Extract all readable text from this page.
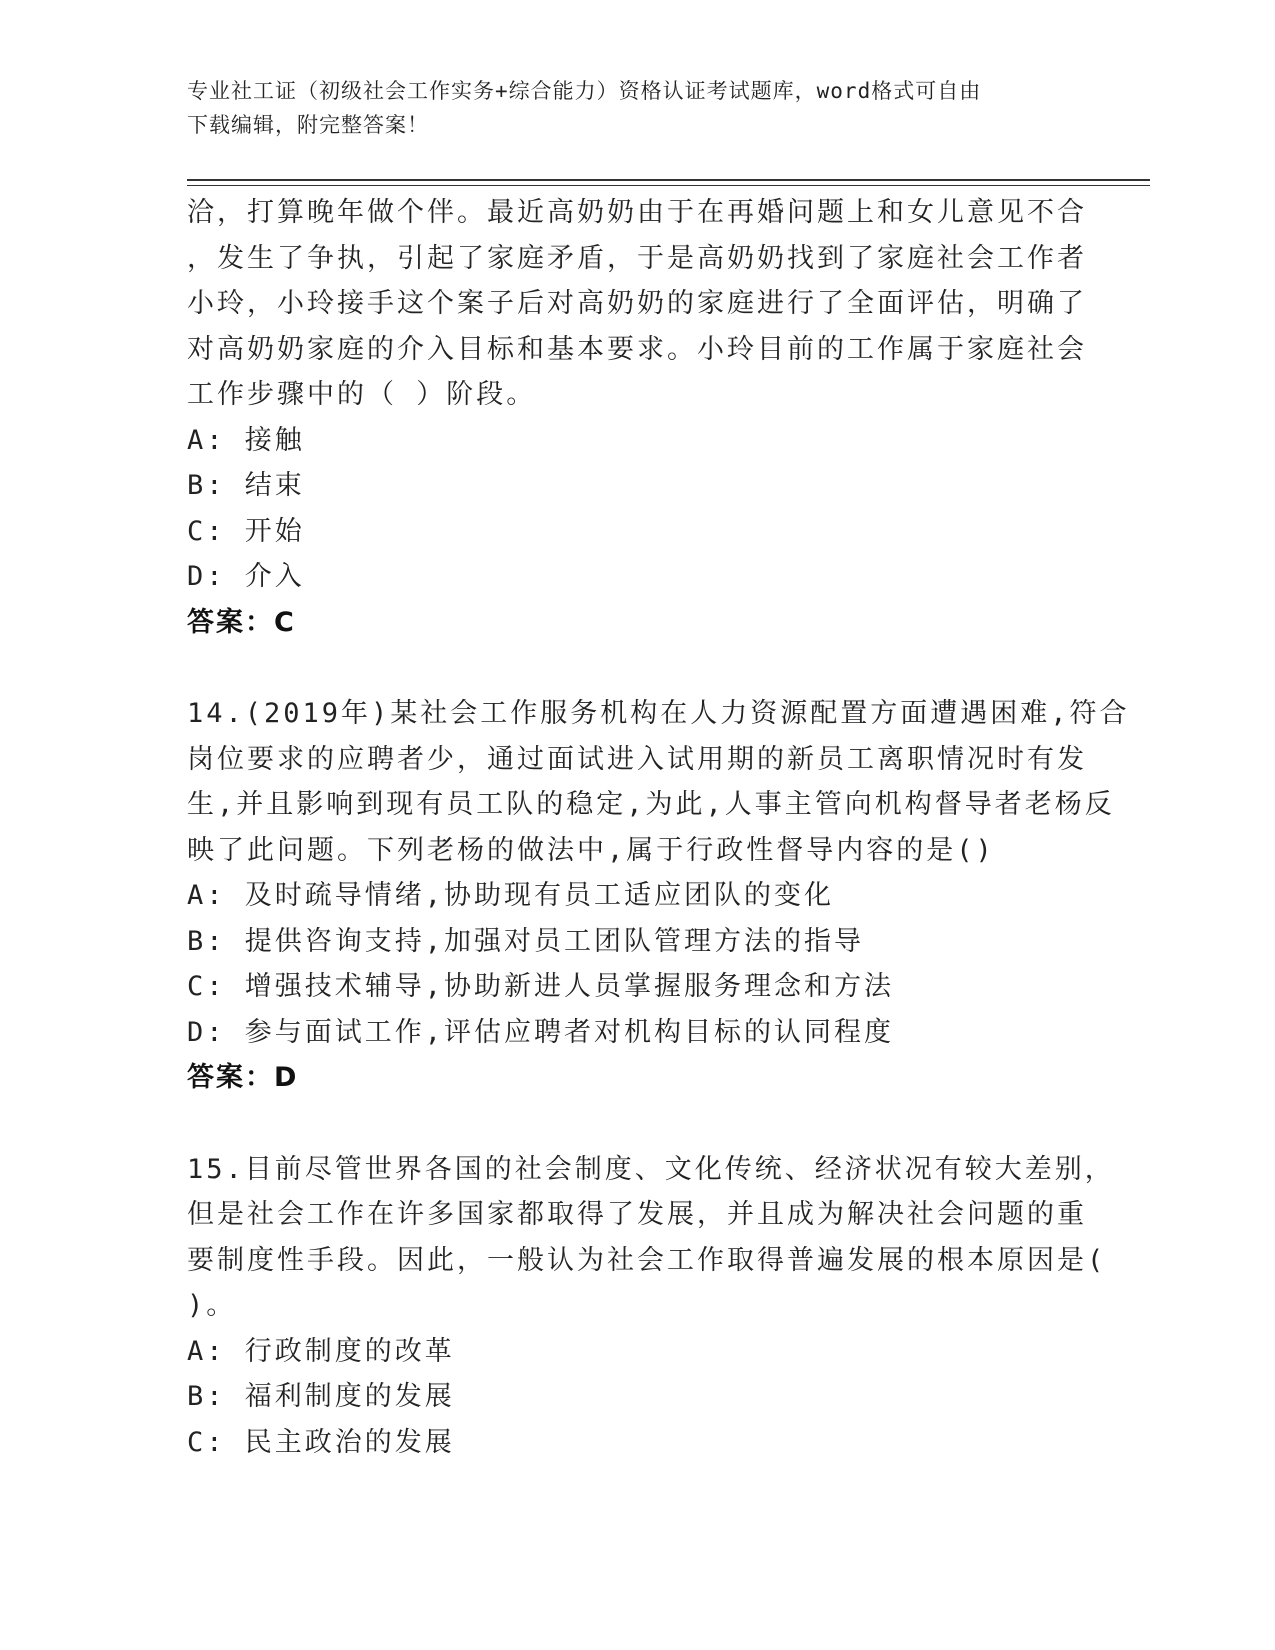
专业社工证（初级社会工作实务+综合能力）资格认证考试题库，word格式可自由
下载编辑，附完整答案！
洽，打算晚年做个伴。最近高奶奶由于在再婚问题上和女儿意见不合
，发生了争执，引起了家庭矛盾，于是高奶奶找到了家庭社会工作者
小玲，小玲接手这个案子后对高奶奶的家庭进行了全面评估，明确了
对高奶奶家庭的介入目标和基本要求。小玲目前的工作属于家庭社会
工作步骤中的（ ）阶段。
A: 接触
B: 结束
C: 开始
D: 介入
答案：C
14.(2019年)某社会工作服务机构在人力资源配置方面遭遇困难,符合
岗位要求的应聘者少，通过面试进入试用期的新员工离职情况时有发
生,并且影响到现有员工队的稳定,为此,人事主管向机构督导者老杨反
映了此问题。下列老杨的做法中,属于行政性督导内容的是()
A: 及时疏导情绪,协助现有员工适应团队的变化
B: 提供咨询支持,加强对员工团队管理方法的指导
C: 增强技术辅导,协助新进人员掌握服务理念和方法
D: 参与面试工作,评估应聘者对机构目标的认同程度
答案：D
15.目前尽管世界各国的社会制度、文化传统、经济状况有较大差别，
但是社会工作在许多国家都取得了发展，并且成为解决社会问题的重
要制度性手段。因此，一般认为社会工作取得普遍发展的根本原因是(
)。
A: 行政制度的改革
B: 福利制度的发展
C: 民主政治的发展
